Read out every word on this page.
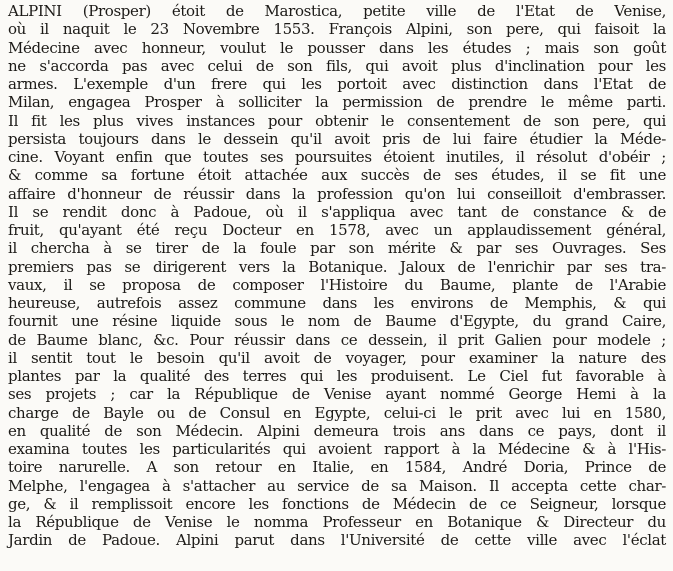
ALPINI (Prosper) étoit de Marostica, petite ville de l'Etat de Venise,
où il naquit le 23 Novembre 1553. François Alpini, son pere, qui faisoit la
Médecine avec honneur, voulut le pousser dans les études ; mais son goût
ne s'accorda pas avec celui de son fils, qui avoit plus d'inclination pour les
armes. L'exemple d'un frere qui les portoit avec distinction dans l'Etat de
Milan, engagea Prosper à solliciter la permission de prendre le même parti.
Il fit les plus vives instances pour obtenir le consentement de son pere, qui
persista toujours dans le dessein qu'il avoit pris de lui faire étudier la Méde-
cine. Voyant enfin que toutes ses poursuites étoient inutiles, il résolut d'obéir ;
& comme sa fortune étoit attachée aux succès de ses études, il se fit une
affaire d'honneur de réussir dans la profession qu'on lui conseilloit d'embrasser.
Il se rendit donc à Padoue, où il s'appliqua avec tant de constance & de
fruit, qu'ayant été reçu Docteur en 1578, avec un applaudissement général,
il chercha à se tirer de la foule par son mérite & par ses Ouvrages. Ses
premiers pas se dirigerent vers la Botanique. Jaloux de l'enrichir par ses tra-
vaux, il se proposa de composer l'Histoire du Baume, plante de l'Arabie
heureuse, autrefois assez commune dans les environs de Memphis, & qui
fournit une résine liquide sous le nom de Baume d'Egypte, du grand Caire,
de Baume blanc, &c. Pour réussir dans ce dessein, il prit Galien pour modele ;
il sentit tout le besoin qu'il avoit de voyager, pour examiner la nature des
plantes par la qualité des terres qui les produisent. Le Ciel fut favorable à
ses projets ; car la République de Venise ayant nommé George Hemi à la
charge de Bayle ou de Consul en Egypte, celui-ci le prit avec lui en 1580,
en qualité de son Médecin. Alpini demeura trois ans dans ce pays, dont il
examina toutes les particularités qui avoient rapport à la Médecine & à l'His-
toire narurelle. A son retour en Italie, en 1584, André Doria, Prince de
Melphe, l'engagea à s'attacher au service de sa Maison. Il accepta cette char-
ge, & il remplissoit encore les fonctions de Médecin de ce Seigneur, lorsque
la République de Venise le nomma Professeur en Botanique & Directeur du
Jardin de Padoue. Alpini parut dans l'Université de cette ville avec l'éclat
